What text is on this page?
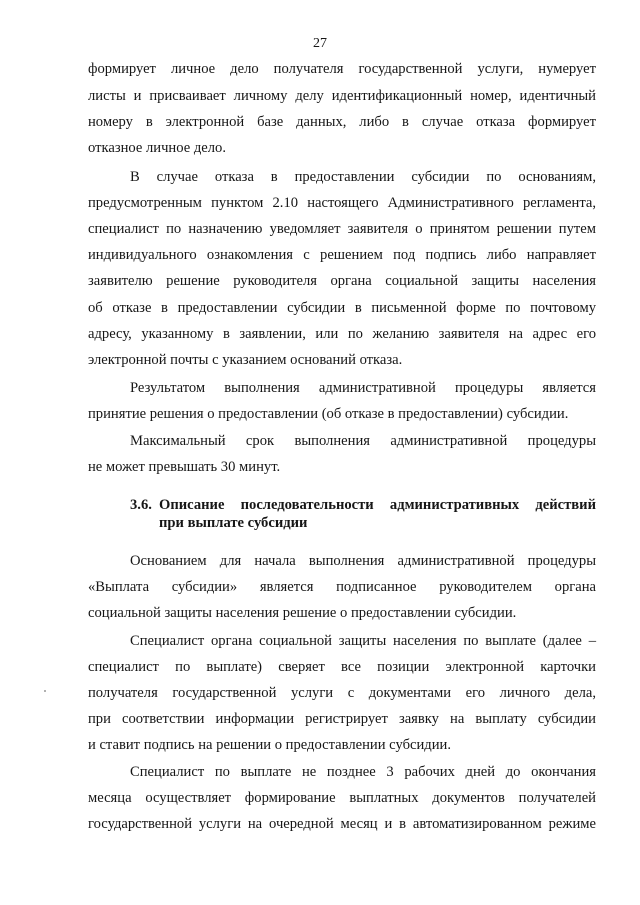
27
формирует личное дело получателя государственной услуги, нумерует
листы и присваивает личному делу идентификационный номер, идентичный
номеру в электронной базе данных, либо в случае отказа формирует
отказное личное дело.
В случае отказа в предоставлении субсидии по основаниям,
предусмотренным пунктом 2.10 настоящего Административного регламента,
специалист по назначению уведомляет заявителя о принятом решении путем
индивидуального ознакомления с решением под подпись либо направляет
заявителю решение руководителя органа социальной защиты населения
об отказе в предоставлении субсидии в письменной форме по почтовому
адресу, указанному в заявлении, или по желанию заявителя на адрес его
электронной почты с указанием оснований отказа.
Результатом выполнения административной процедуры является
принятие решения о предоставлении (об отказе в предоставлении) субсидии.
Максимальный срок выполнения административной процедуры
не может превышать 30 минут.
3.6. Описание последовательности административных действий
при выплате субсидии
Основанием для начала выполнения административной процедуры
«Выплата субсидии» является подписанное руководителем органа
социальной защиты населения решение о предоставлении субсидии.
Специалист органа социальной защиты населения по выплате (далее –
специалист по выплате) сверяет все позиции электронной карточки
получателя государственной услуги с документами его личного дела,
при соответствии информации регистрирует заявку на выплату субсидии
и ставит подпись на решении о предоставлении субсидии.
Специалист по выплате не позднее 3 рабочих дней до окончания
месяца осуществляет формирование выплатных документов получателей
государственной услуги на очередной месяц и в автоматизированном режиме
